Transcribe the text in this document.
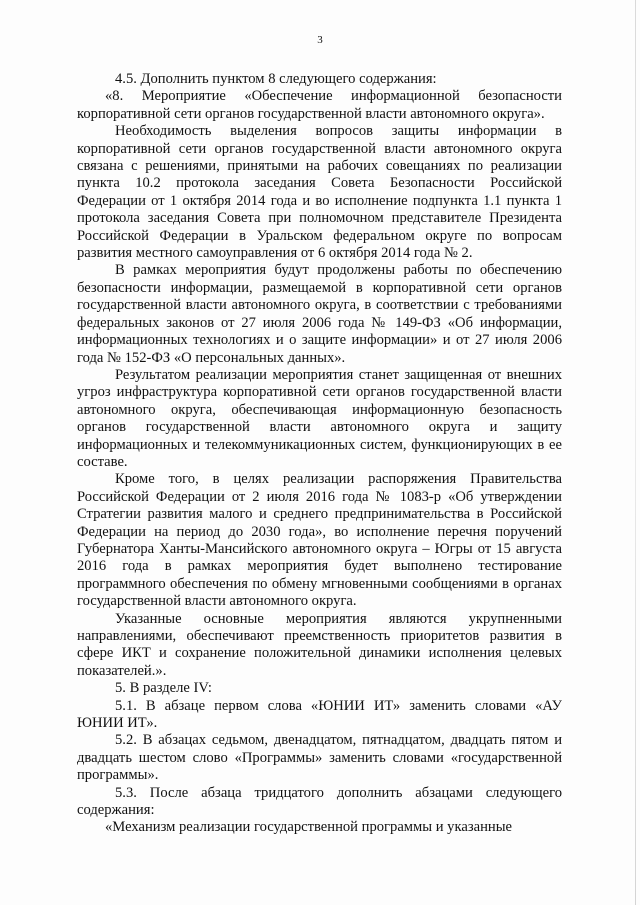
3

4.5. Дополнить пунктом 8 следующего содержания:

«8. Мероприятие «Обеспечение информационной безопасности корпоративной сети органов государственной власти автономного округа».

Необходимость выделения вопросов защиты информации в корпоративной сети органов государственной власти автономного округа связана с решениями, принятыми на рабочих совещаниях по реализации пункта 10.2 протокола заседания Совета Безопасности Российской Федерации от 1 октября 2014 года и во исполнение подпункта 1.1 пункта 1 протокола заседания Совета при полномочном представителе Президента Российской Федерации в Уральском федеральном округе по вопросам развития местного самоуправления от 6 октября 2014 года № 2.

В рамках мероприятия будут продолжены работы по обеспечению безопасности информации, размещаемой в корпоративной сети органов государственной власти автономного округа, в соответствии с требованиями федеральных законов от 27 июля 2006 года № 149-ФЗ «Об информации, информационных технологиях и о защите информации» и от 27 июля 2006 года № 152-ФЗ «О персональных данных».

Результатом реализации мероприятия станет защищенная от внешних угроз инфраструктура корпоративной сети органов государственной власти автономного округа, обеспечивающая информационную безопасность органов государственной власти автономного округа и защиту информационных и телекоммуникационных систем, функционирующих в ее составе.

Кроме того, в целях реализации распоряжения Правительства Российской Федерации от 2 июля 2016 года № 1083-р «Об утверждении Стратегии развития малого и среднего предпринимательства в Российской Федерации на период до 2030 года», во исполнение перечня поручений Губернатора Ханты-Мансийского автономного округа – Югры от 15 августа 2016 года в рамках мероприятия будет выполнено тестирование программного обеспечения по обмену мгновенными сообщениями в органах государственной власти автономного округа.

Указанные основные мероприятия являются укрупненными направлениями, обеспечивают преемственность приоритетов развития в сфере ИКТ и сохранение положительной динамики исполнения целевых показателей.».

5. В разделе IV:

5.1. В абзаце первом слова «ЮНИИ ИТ» заменить словами «АУ ЮНИИ ИТ».

5.2. В абзацах седьмом, двенадцатом, пятнадцатом, двадцать пятом и двадцать шестом слово «Программы» заменить словами «государственной программы».

5.3. После абзаца тридцатого дополнить абзацами следующего содержания:

«Механизм реализации государственной программы и указанные
